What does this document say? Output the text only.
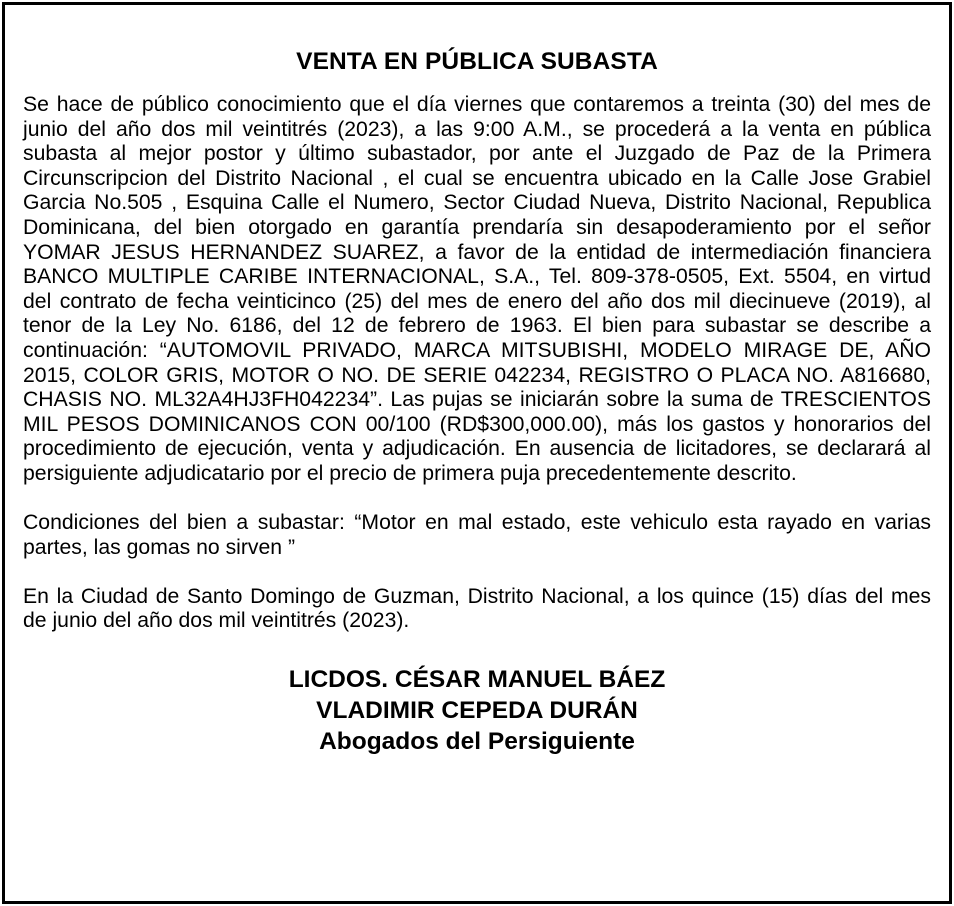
VENTA EN PÚBLICA SUBASTA

Se hace de público conocimiento que el día viernes que contaremos a treinta (30) del mes de junio del año dos mil veintitrés (2023), a las 9:00 A.M., se procederá a la venta en pública subasta al mejor postor y último subastador, por ante el Juzgado de Paz de la Primera Circunscripcion del Distrito Nacional , el cual se encuentra ubicado en la Calle Jose Grabiel Garcia No.505 , Esquina Calle el Numero, Sector Ciudad Nueva, Distrito Nacional, Republica Dominicana, del bien otorgado en garantía prendaría sin desapoderamiento por el señor YOMAR JESUS HERNANDEZ SUAREZ, a favor de la entidad de intermediación financiera BANCO MULTIPLE CARIBE INTERNACIONAL, S.A., Tel. 809-378-0505, Ext. 5504, en virtud del contrato de fecha veinticinco (25) del mes de enero del año dos mil diecinueve (2019), al tenor de la Ley No. 6186, del 12 de febrero de 1963. El bien para subastar se describe a continuación: “AUTOMOVIL PRIVADO, MARCA MITSUBISHI, MODELO MIRAGE DE, AÑO 2015, COLOR GRIS, MOTOR O NO. DE SERIE 042234, REGISTRO O PLACA NO. A816680, CHASIS NO. ML32A4HJ3FH042234”. Las pujas se iniciarán sobre la suma de TRESCIENTOS MIL PESOS DOMINICANOS CON 00/100 (RD$300,000.00), más los gastos y honorarios del procedimiento de ejecución, venta y adjudicación. En ausencia de licitadores, se declarará al persiguiente adjudicatario por el precio de primera puja precedentemente descrito.

Condiciones del bien a subastar: “Motor en mal estado, este vehiculo esta rayado en varias partes, las gomas no sirven ”

En la Ciudad de Santo Domingo de Guzman, Distrito Nacional, a los quince (15) días del mes de junio del año dos mil veintitrés (2023).

LICDOS. CÉSAR MANUEL BÁEZ
VLADIMIR CEPEDA DURÁN
Abogados del Persiguiente
